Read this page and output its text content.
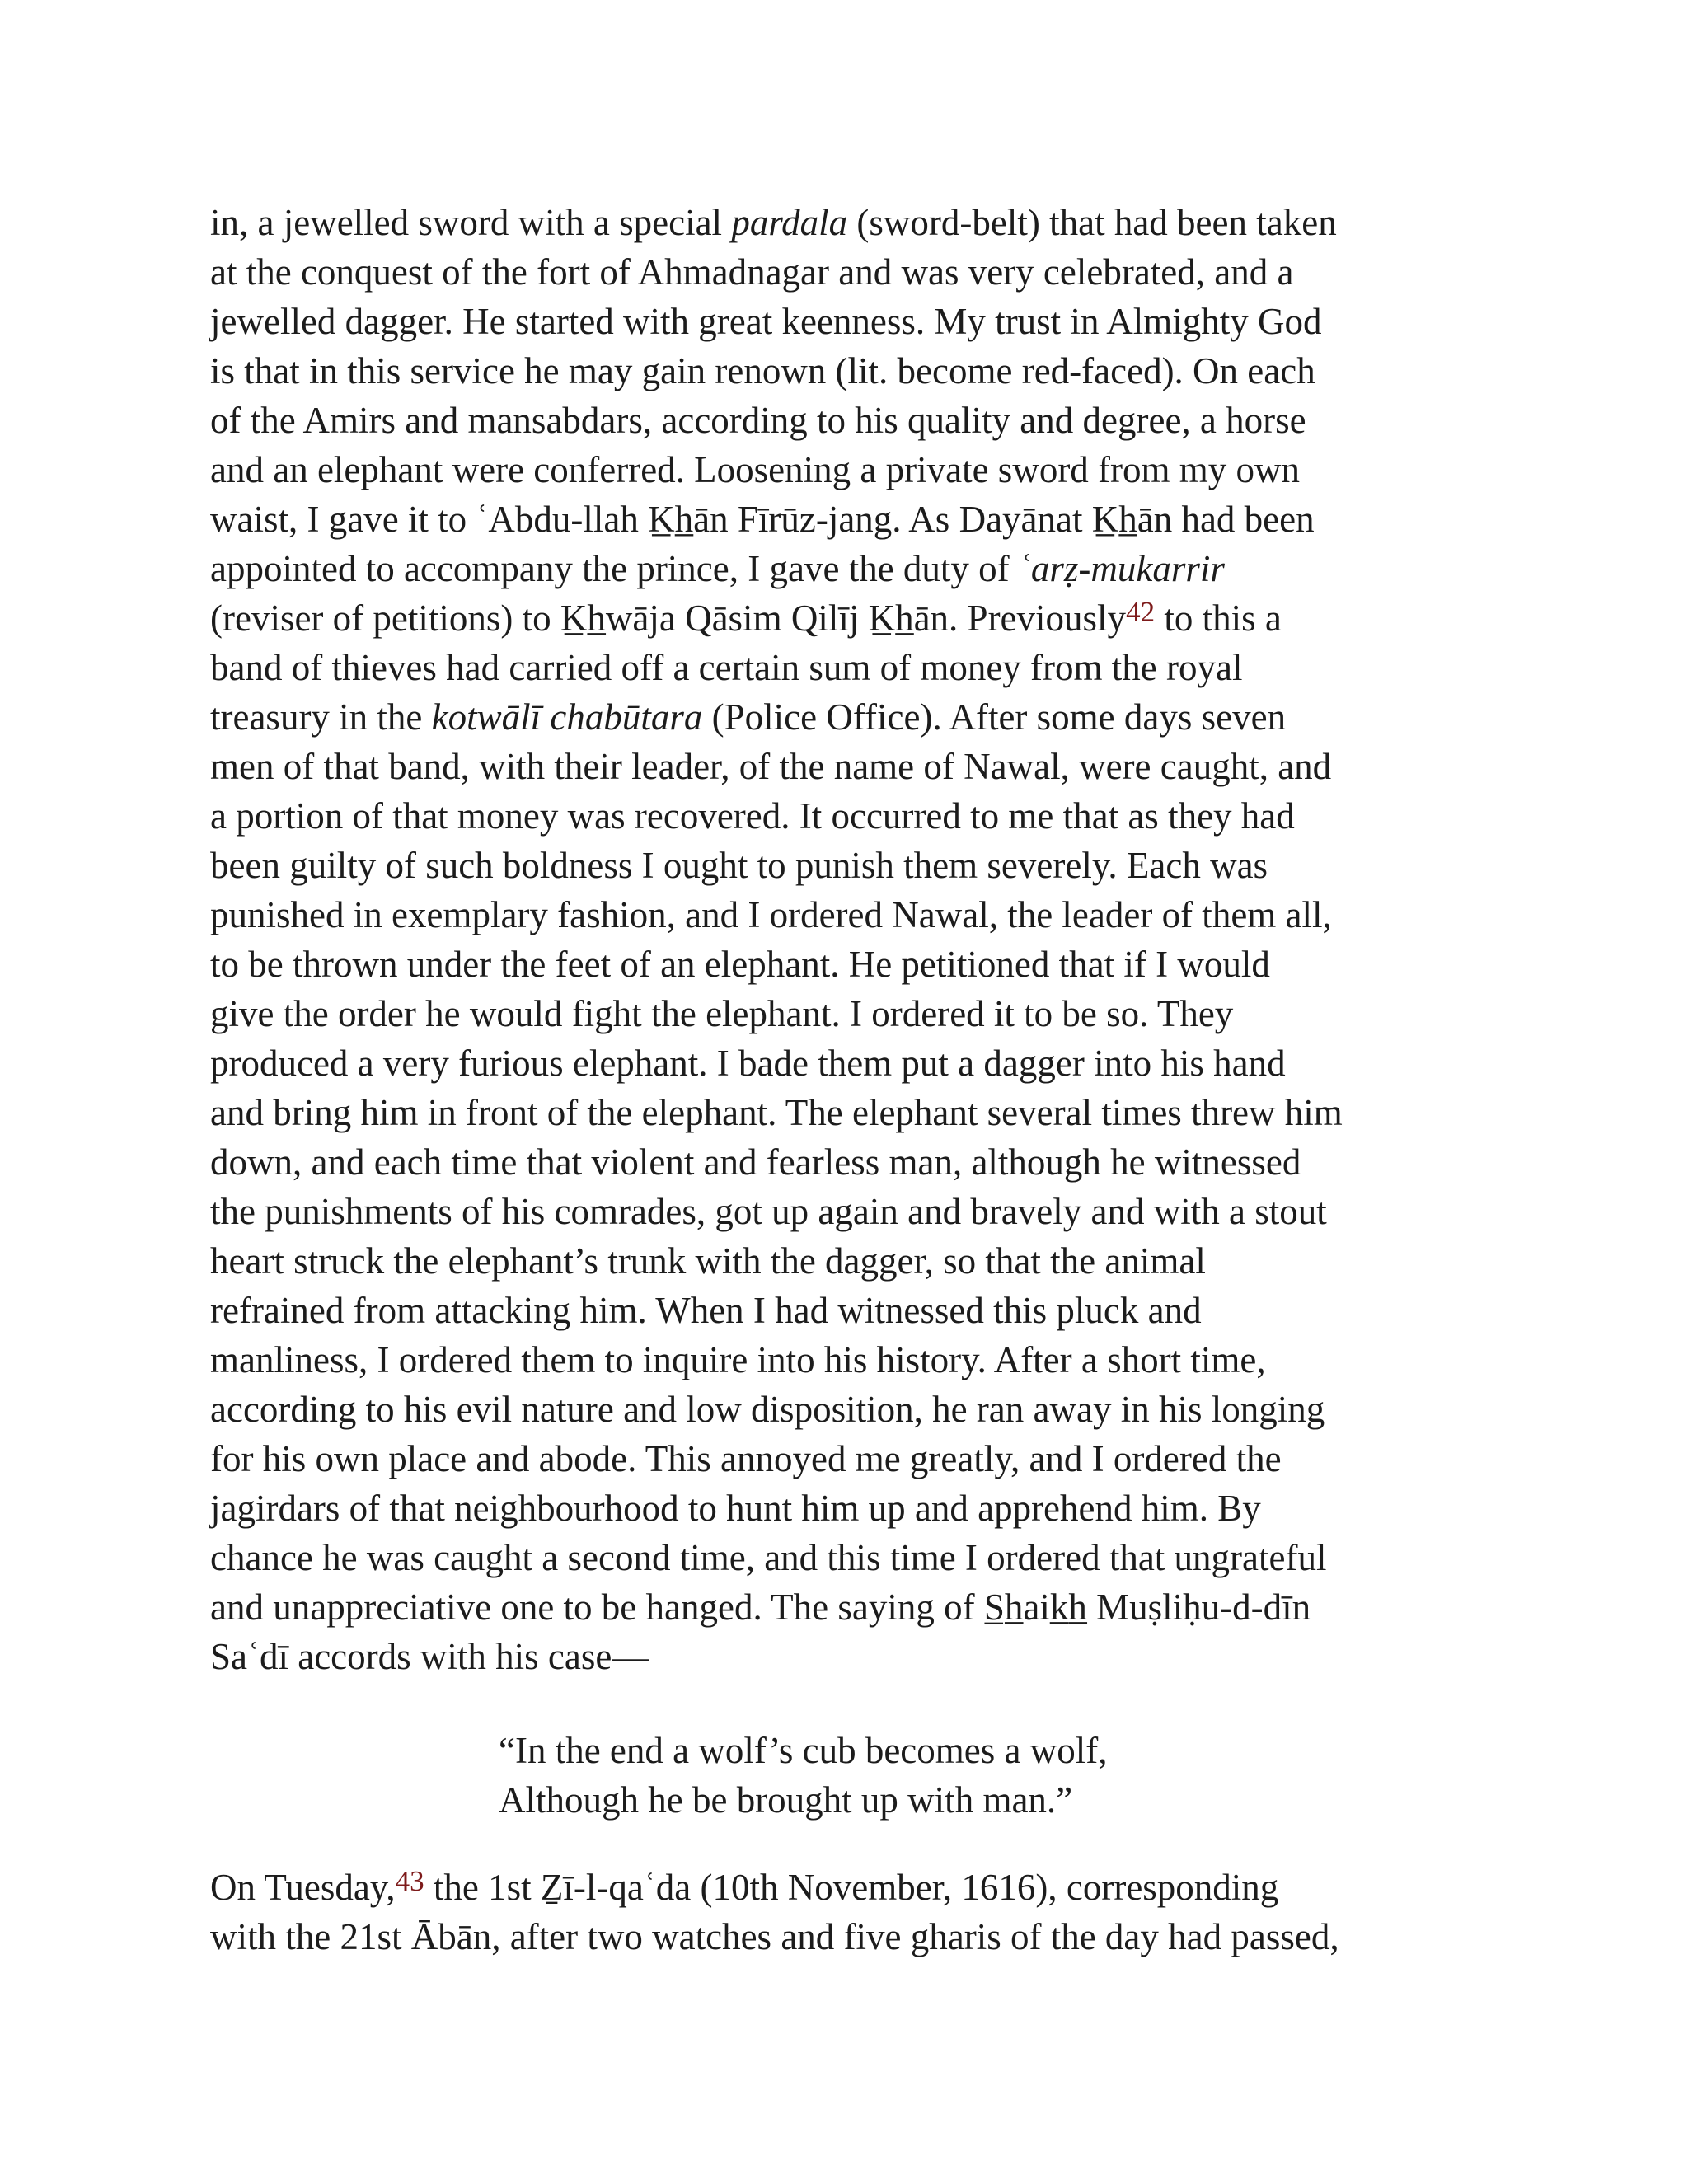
in, a jewelled sword with a special pardala (sword-belt) that had been taken
at the conquest of the fort of Ahmadnagar and was very celebrated, and a
jewelled dagger. He started with great keenness. My trust in Almighty God
is that in this service he may gain renown (lit. become red-faced). On each
of the Amirs and mansabdars, according to his quality and degree, a horse
and an elephant were conferred. Loosening a private sword from my own
waist, I gave it to ʿAbdu-llah K̲h̲ān Fīrūz-jang. As Dayānat K̲h̲ān had been
appointed to accompany the prince, I gave the duty of ʿarẓ-mukarrir
(reviser of petitions) to K̲h̲wāja Qāsim Qilīj K̲h̲ān. Previously$^{42}$ to this a
band of thieves had carried off a certain sum of money from the royal
treasury in the kotwālī chabūtara (Police Office). After some days seven
men of that band, with their leader, of the name of Nawal, were caught, and
a portion of that money was recovered. It occurred to me that as they had
been guilty of such boldness I ought to punish them severely. Each was
punished in exemplary fashion, and I ordered Nawal, the leader of them all,
to be thrown under the feet of an elephant. He petitioned that if I would
give the order he would fight the elephant. I ordered it to be so. They
produced a very furious elephant. I bade them put a dagger into his hand
and bring him in front of the elephant. The elephant several times threw him
down, and each time that violent and fearless man, although he witnessed
the punishments of his comrades, got up again and bravely and with a stout
heart struck the elephant’s trunk with the dagger, so that the animal
refrained from attacking him. When I had witnessed this pluck and
manliness, I ordered them to inquire into his history. After a short time,
according to his evil nature and low disposition, he ran away in his longing
for his own place and abode. This annoyed me greatly, and I ordered the
jagirdars of that neighbourhood to hunt him up and apprehend him. By
chance he was caught a second time, and this time I ordered that ungrateful
and unappreciative one to be hanged. The saying of S̲h̲aik̲h̲ Muṣliḥu-d-dīn
Saʿdī accords with his case—
“In the end a wolf’s cub becomes a wolf,
Although he be brought up with man.”
On Tuesday,$^{43}$ the 1st Ẕī-l-qaʿda (10th November, 1616), corresponding
with the 21st Ābān, after two watches and five gharis of the day had passed,
